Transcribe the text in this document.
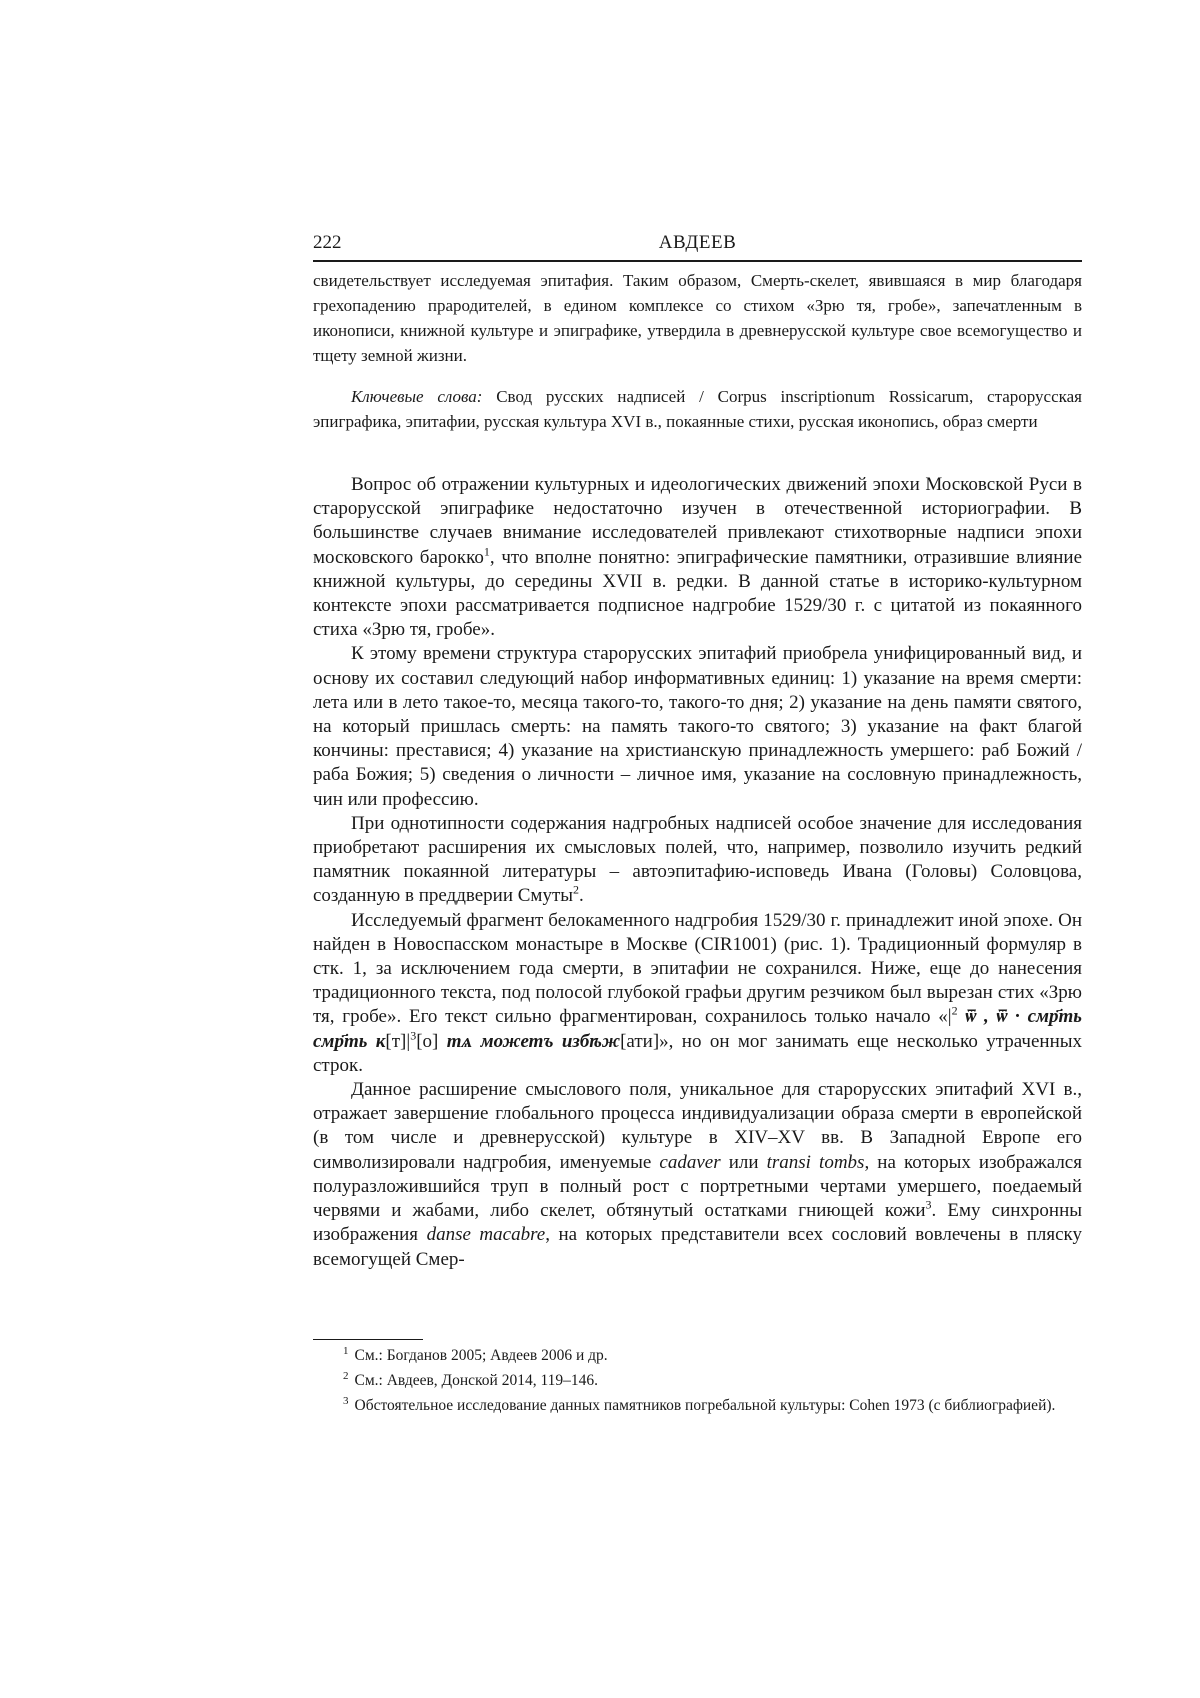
222	АВДЕЕВ
свидетельствует исследуемая эпитафия. Таким образом, Смерть-скелет, явившаяся в мир благодаря грехопадению прародителей, в едином комплексе со стихом «Зрю тя, гробе», запечатленным в иконописи, книжной культуре и эпиграфике, утвердила в древнерусской культуре свое всемогущество и тщету земной жизни.
Ключевые слова: Свод русских надписей / Corpus inscriptionum Rossicarum, старорусская эпиграфика, эпитафии, русская культура XVI в., покаянные стихи, русская иконопись, образ смерти

Вопрос об отражении культурных и идеологических движений эпохи Московской Руси в старорусской эпиграфике недостаточно изучен в отечественной историографии. В большинстве случаев внимание исследователей привлекают стихотворные надписи эпохи московского барокко$^1$, что вполне понятно: эпиграфические памятники, отразившие влияние книжной культуры, до середины XVII в. редки. В данной статье в историко-культурном контексте эпохи рассматривается подписное надгробие 1529/30 г. с цитатой из покаянного стиха «Зрю тя, гробе».

К этому времени структура старорусских эпитафий приобрела унифицированный вид, и основу их составил следующий набор информативных единиц: 1) указание на время смерти: лета или в лето такое-то, месяца такого-то, такого-то дня; 2) указание на день памяти святого, на который пришлась смерть: на память такого-то святого; 3) указание на факт благой кончины: преставися; 4) указание на христианскую принадлежность умершего: раб Божий / раба Божия; 5) сведения о личности – личное имя, указание на сословную принадлежность, чин или профессию.

При однотипности содержания надгробных надписей особое значение для исследования приобретают расширения их смысловых полей, что, например, позволило изучить редкий памятник покаянной литературы – автоэпитафию-исповедь Ивана (Головы) Соловцова, созданную в преддверии Смуты$^2$.

Исследуемый фрагмент белокаменного надгробия 1529/30 г. принадлежит иной эпохе. Он найден в Новоспасском монастыре в Москве (CIR1001) (рис. 1). Традиционный формуляр в стк. 1, за исключением года смерти, в эпитафии не сохранился. Ниже, еще до нанесения традиционного текста, под полосой глубокой графьи другим резчиком был вырезан стих «Зрю тя, гробе». Его текст сильно фрагментирован, сохранилось только начало «$|^2$ ѿ , ѿ · смр҃ть смр҃ть $к[т]|^3[о]$ тѧ можетъ избѣж[ати]», но он мог занимать еще несколько утраченных строк.

Данное расширение смыслового поля, уникальное для старорусских эпитафий XVI в., отражает завершение глобального процесса индивидуализации образа смерти в европейской (в том числе и древнерусской) культуре в XIV–XV вв. В Западной Европе его символизировали надгробия, именуемые cadaver или transi tombs, на которых изображался полуразложившийся труп в полный рост с портретными чертами умершего, поедаемый червями и жабами, либо скелет, обтянутый остатками гниющей кожи$^3$. Ему синхронны изображения danse macabre, на которых представители всех сословий вовлечены в пляску всемогущей Смер-

$^1$ См.: Богданов 2005; Авдеев 2006 и др.

$^2$ См.: Авдеев, Донской 2014, 119–146.

$^3$ Обстоятельное исследование данных памятников погребальной культуры: Cohen 1973 (с библиографией).
